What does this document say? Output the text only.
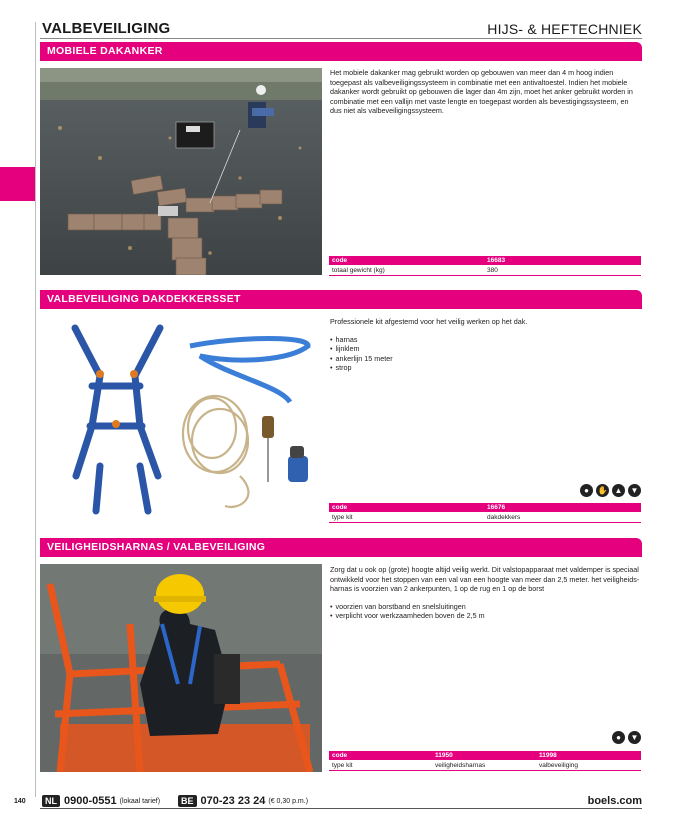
VALBEVEILIGING	HIJS- & HEFTECHNIEK
MOBIELE DAKANKER
Het mobiele dakanker mag gebruikt worden op gebouwen van meer dan 4 m hoog indien toegepast als valbeveiligingssysteem in combinatie met een antivaltoestel. Indien het mobiele dakanker wordt gebruikt op gebouwen die lager dan 4m zijn, moet het anker gebruikt worden in combinatie met een vallijn met vaste lengte en toegepast worden als bevestigingssysteem, en dus niet als valbeveiligingssysteem.
code	16683
totaal gewicht (kg)	380
VALBEVEILIGING DAKDEKKERSSET
Professionele kit afgestemd voor het veilig werken op het dak.
• harnas
• lijnklem
• ankerlijn 15 meter
• strop
●	✋ ▲	▼
code	16676
type kit	dakdekkers
VEILIGHEIDSHARNAS / VALBEVEILIGING
Zorg dat u ook op (grote) hoogte altijd veilig werkt. Dit valstopapparaat met valdemper is speciaal ontwikkeld voor het stoppen van een val van een hoogte van meer dan 2,5 meter. het veiligheids-harnas is voorzien van 2 ankerpunten, 1 op de rug en 1 op de borst
• voorzien van borstband en snelsluitingen
• verplicht voor werkzaamheden boven de 2,5 m
●	▼
code	11950	11998
type kit	veiligheidsharnas	valbeveiliging
140	NL 0900-0551 (lokaal tarief)	BE 070-23 23 24 (€ 0,30 p.m.)	boels.com
